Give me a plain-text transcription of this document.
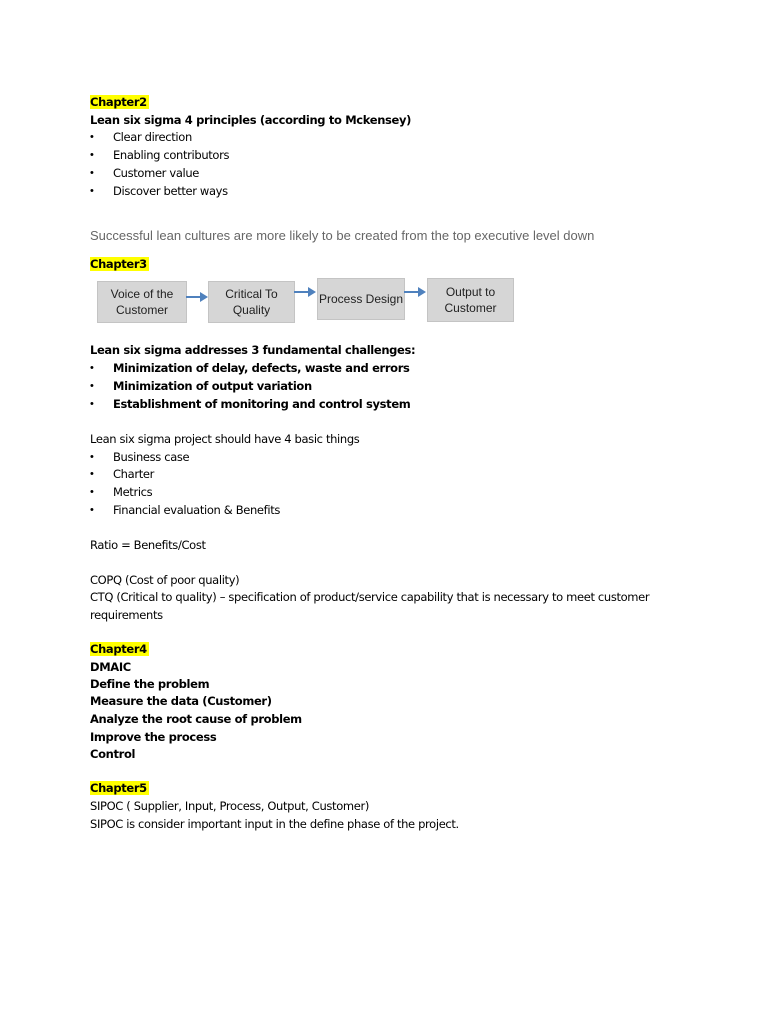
Chapter2
Lean six sigma 4 principles (according to Mckensey)
• Clear direction
• Enabling contributors
• Customer value
• Discover better ways
Successful lean cultures are more likely to be created from the top executive level down
Chapter3
Voice of the Customer
Critical To Quality
Process Design	Output to Customer
Lean six sigma addresses 3 fundamental challenges:
• Minimization of delay, defects, waste and errors
• Minimization of output variation
• Establishment of monitoring and control system
Lean six sigma project should have 4 basic things
• Business case
• Charter
• Metrics
• Financial evaluation & Benefits
Ratio = Benefits/Cost
COPQ (Cost of poor quality)
CTQ (Critical to quality) – specification of product/service capability that is necessary to meet customer
requirements
Chapter4
DMAIC
Define the problem
Measure the data (Customer)
Analyze the root cause of problem
Improve the process
Control
Chapter5
SIPOC ( Supplier, Input, Process, Output, Customer)
SIPOC is consider important input in the define phase of the project.
